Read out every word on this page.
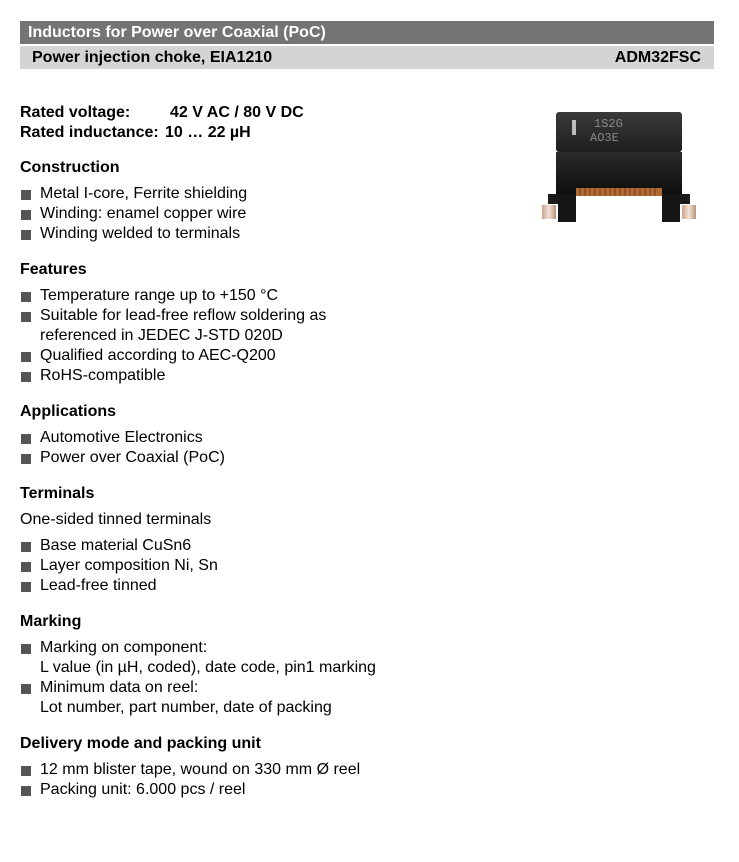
Inductors for Power over Coaxial (PoC)
Power injection choke, EIA1210	ADM32FSC
Rated voltage:	42 V AC / 80 V DC
Rated inductance: 10 … 22 µH	1S2G
AO3E
Construction
Metal I-core, Ferrite shielding
Winding: enamel copper wire
Winding welded to terminals
Features
Temperature range up to +150 °C
Suitable for lead-free reflow soldering as
referenced in JEDEC J-STD 020D
Qualified according to AEC-Q200
RoHS-compatible
Applications
Automotive Electronics
Power over Coaxial (PoC)
Terminals

One-sided tinned terminals

Base material CuSn6
Layer composition Ni, Sn
Lead-free tinned
Marking
Marking on component:
L value (in µH, coded), date code, pin1 marking
Minimum data on reel:
Lot number, part number, date of packing
Delivery mode and packing unit
12 mm blister tape, wound on 330 mm Ø reel
Packing unit: 6.000 pcs / reel
